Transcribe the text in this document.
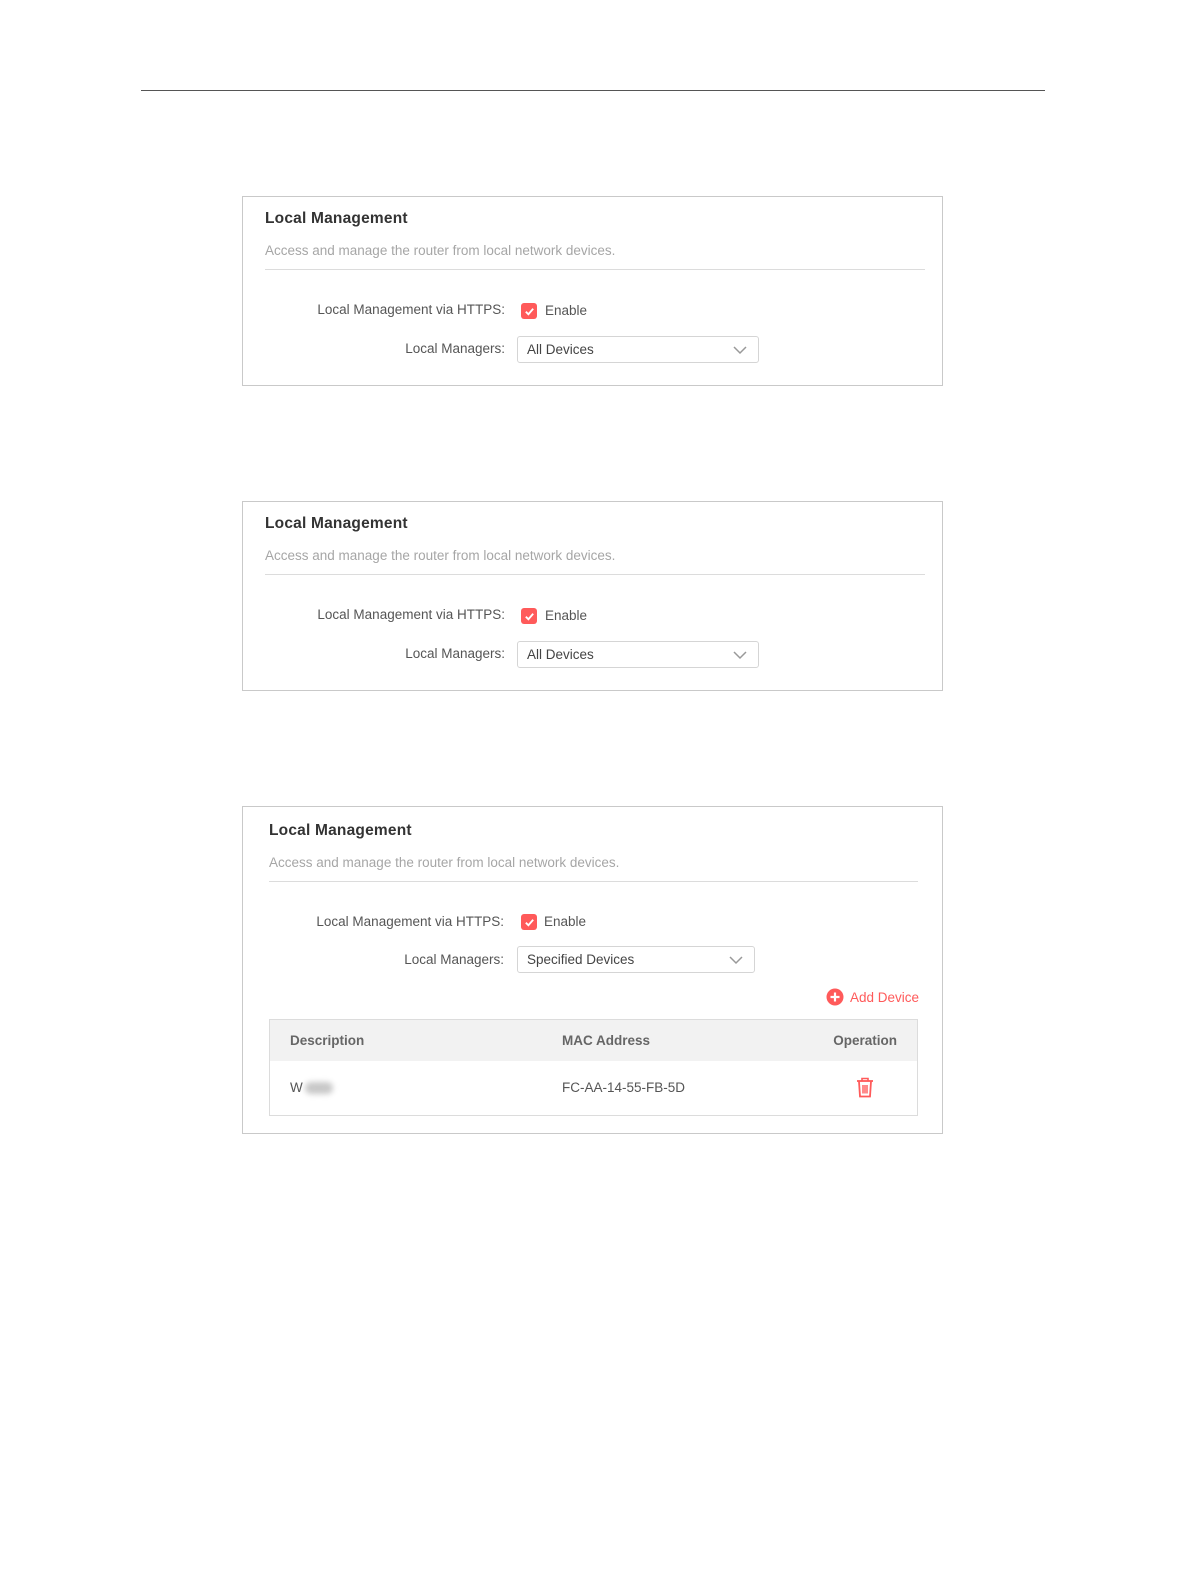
Local Management
Access and manage the router from local network devices.
Local Management via HTTPS:	Enable
Local Managers: All Devices
Local Management
Access and manage the router from local network devices.
Local Management via HTTPS:	Enable
Local Managers: All Devices
Local Management
Access and manage the router from local network devices.
Local Management via HTTPS:	Enable
Local Managers: Specified Devices
Add Device
Description	MAC Address	Operation
W	FC-AA-14-55-FB-5D
